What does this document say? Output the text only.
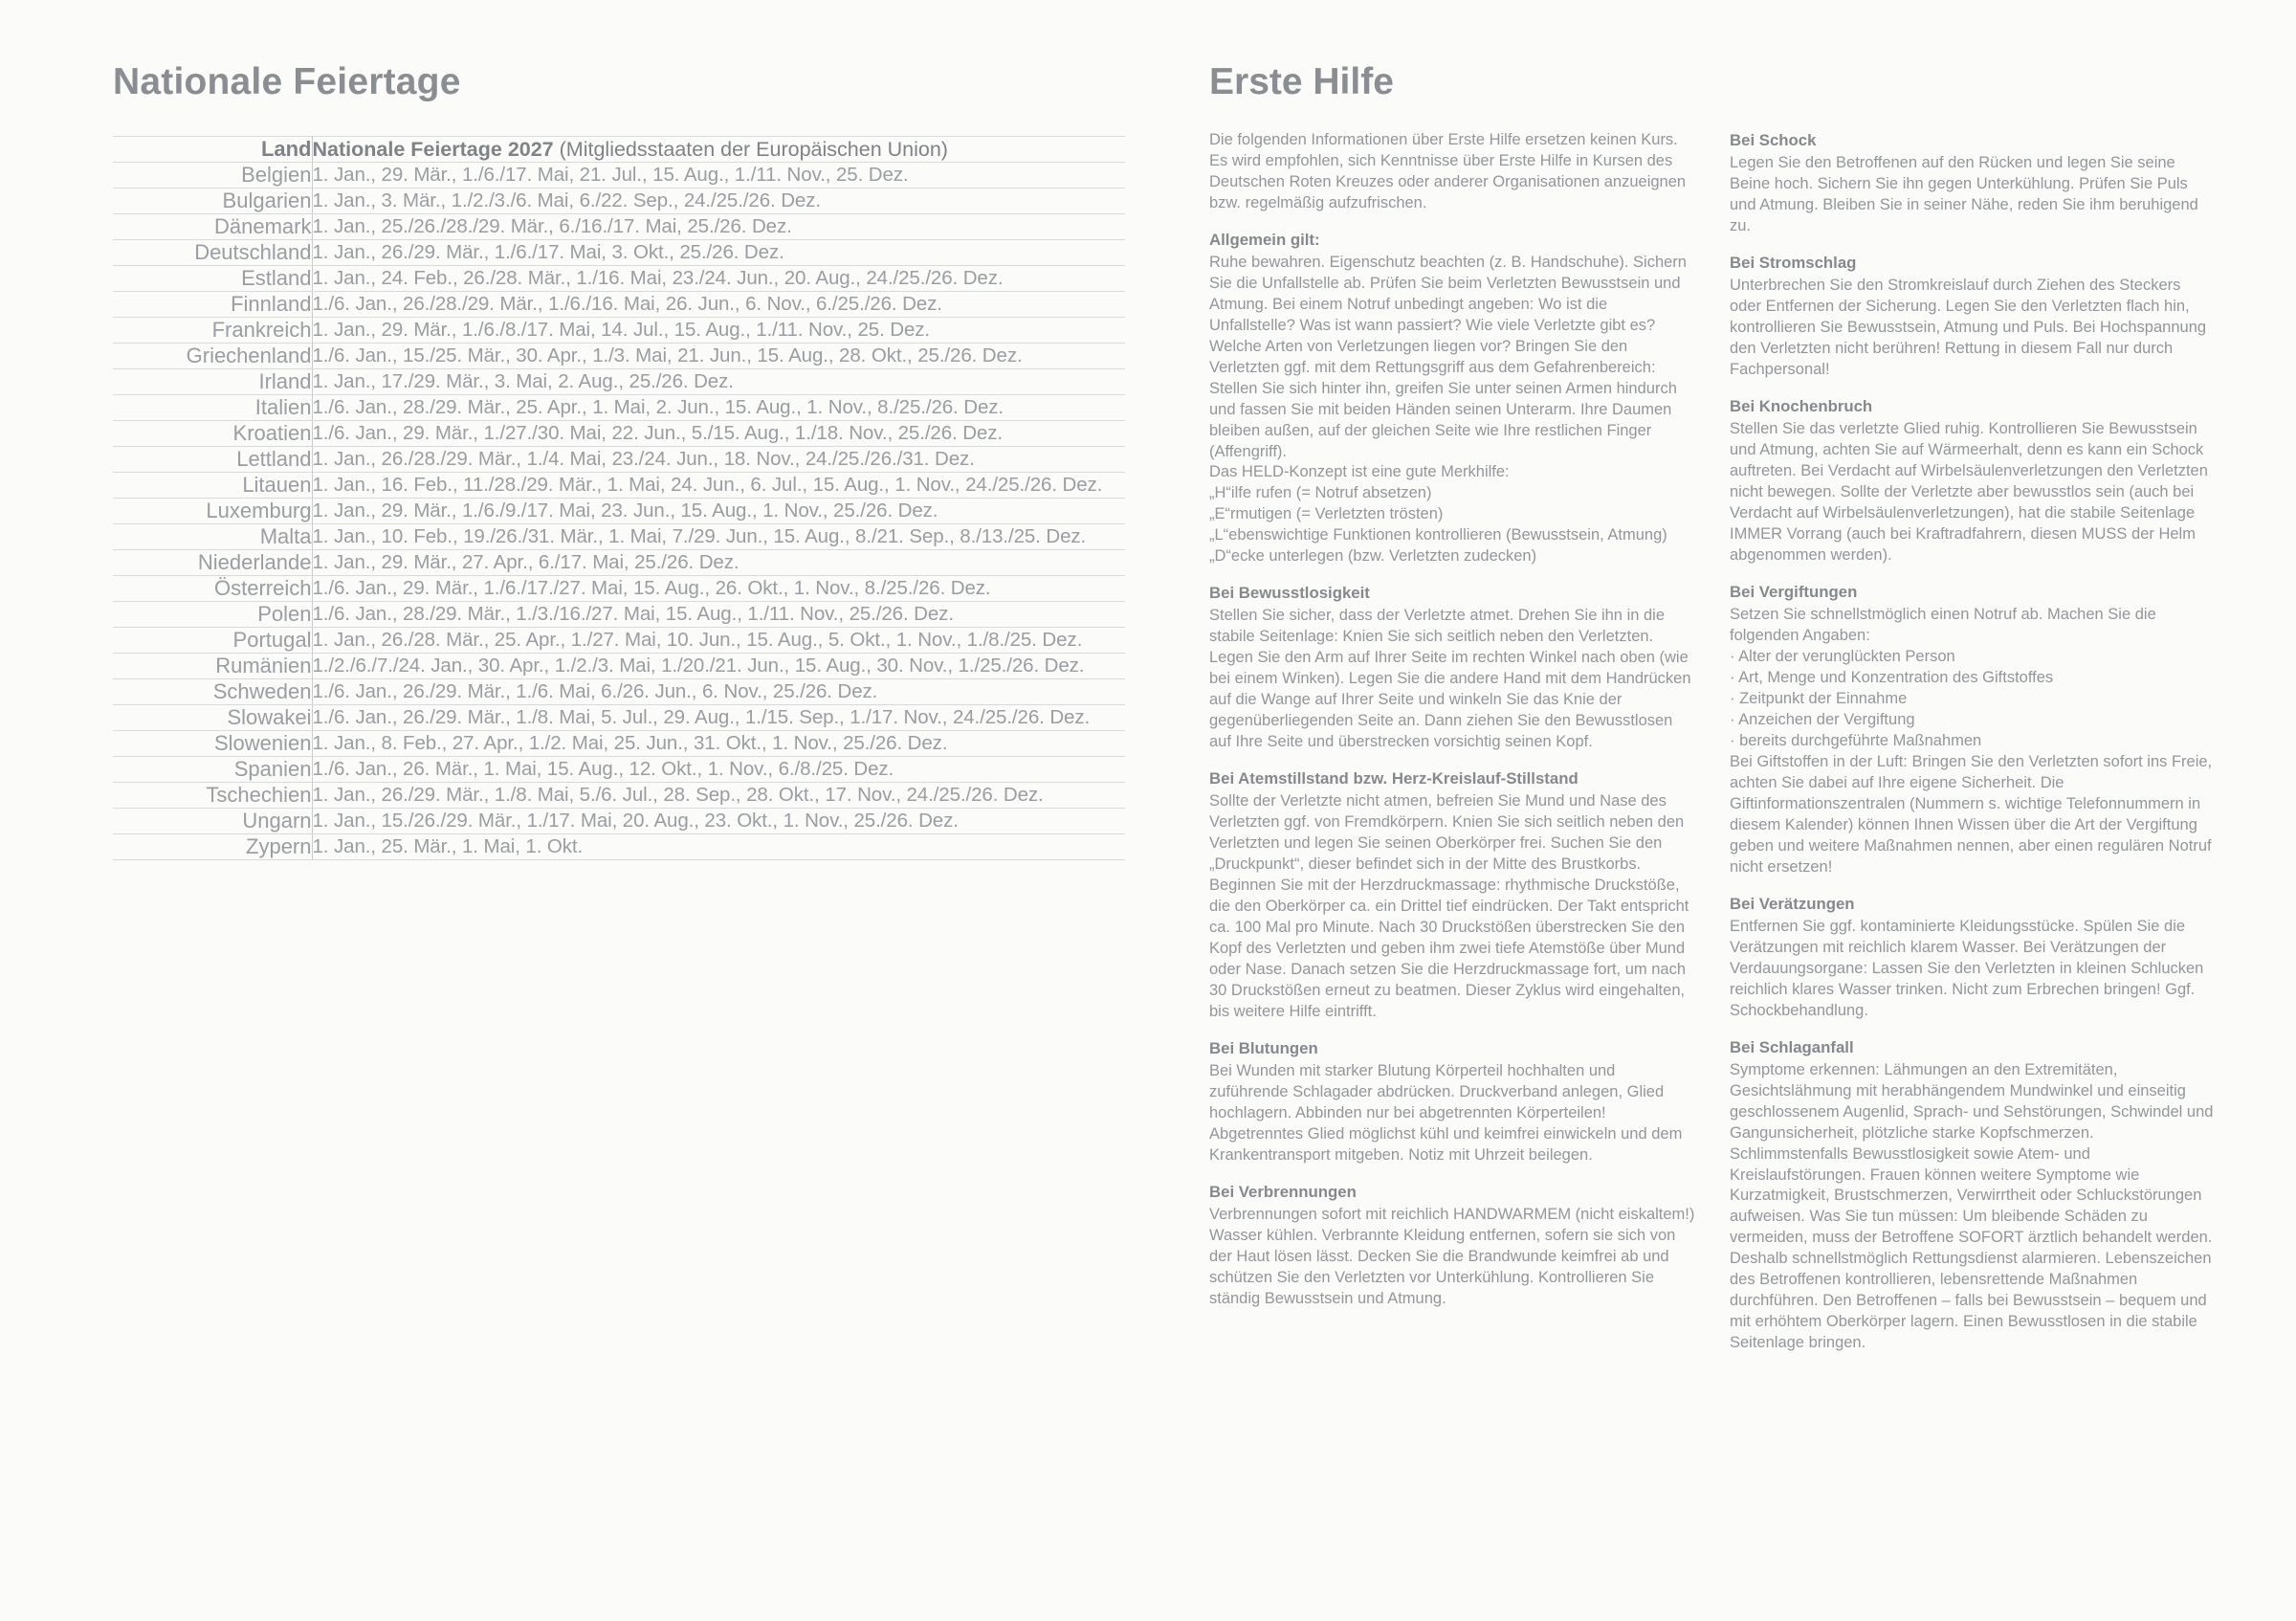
Nationale Feiertage
Land	Nationale Feiertage 2027 (Mitgliedsstaaten der Europäischen Union)
Belgien	1. Jan., 29. Mär., 1./6./17. Mai, 21. Jul., 15. Aug., 1./11. Nov., 25. Dez.
Bulgarien	1. Jan., 3. Mär., 1./2./3./6. Mai, 6./22. Sep., 24./25./26. Dez.
Dänemark	1. Jan., 25./26./28./29. Mär., 6./16./17. Mai, 25./26. Dez.
Deutschland	1. Jan., 26./29. Mär., 1./6./17. Mai, 3. Okt., 25./26. Dez.
Estland	1. Jan., 24. Feb., 26./28. Mär., 1./16. Mai, 23./24. Jun., 20. Aug., 24./25./26. Dez.
Finnland	1./6. Jan., 26./28./29. Mär., 1./6./16. Mai, 26. Jun., 6. Nov., 6./25./26. Dez.
Frankreich	1. Jan., 29. Mär., 1./6./8./17. Mai, 14. Jul., 15. Aug., 1./11. Nov., 25. Dez.
Griechenland	1./6. Jan., 15./25. Mär., 30. Apr., 1./3. Mai, 21. Jun., 15. Aug., 28. Okt., 25./26. Dez.
Irland	1. Jan., 17./29. Mär., 3. Mai, 2. Aug., 25./26. Dez.
Italien	1./6. Jan., 28./29. Mär., 25. Apr., 1. Mai, 2. Jun., 15. Aug., 1. Nov., 8./25./26. Dez.
Kroatien	1./6. Jan., 29. Mär., 1./27./30. Mai, 22. Jun., 5./15. Aug., 1./18. Nov., 25./26. Dez.
Lettland	1. Jan., 26./28./29. Mär., 1./4. Mai, 23./24. Jun., 18. Nov., 24./25./26./31. Dez.
Litauen	1. Jan., 16. Feb., 11./28./29. Mär., 1. Mai, 24. Jun., 6. Jul., 15. Aug., 1. Nov., 24./25./26. Dez.
Luxemburg	1. Jan., 29. Mär., 1./6./9./17. Mai, 23. Jun., 15. Aug., 1. Nov., 25./26. Dez.
Malta	1. Jan., 10. Feb., 19./26./31. Mär., 1. Mai, 7./29. Jun., 15. Aug., 8./21. Sep., 8./13./25. Dez.
Niederlande	1. Jan., 29. Mär., 27. Apr., 6./17. Mai, 25./26. Dez.
Österreich	1./6. Jan., 29. Mär., 1./6./17./27. Mai, 15. Aug., 26. Okt., 1. Nov., 8./25./26. Dez.
Polen	1./6. Jan., 28./29. Mär., 1./3./16./27. Mai, 15. Aug., 1./11. Nov., 25./26. Dez.
Portugal	1. Jan., 26./28. Mär., 25. Apr., 1./27. Mai, 10. Jun., 15. Aug., 5. Okt., 1. Nov., 1./8./25. Dez.
Rumänien	1./2./6./7./24. Jan., 30. Apr., 1./2./3. Mai, 1./20./21. Jun., 15. Aug., 30. Nov., 1./25./26. Dez.
Schweden	1./6. Jan., 26./29. Mär., 1./6. Mai, 6./26. Jun., 6. Nov., 25./26. Dez.
Slowakei	1./6. Jan., 26./29. Mär., 1./8. Mai, 5. Jul., 29. Aug., 1./15. Sep., 1./17. Nov., 24./25./26. Dez.
Slowenien	1. Jan., 8. Feb., 27. Apr., 1./2. Mai, 25. Jun., 31. Okt., 1. Nov., 25./26. Dez.
Spanien	1./6. Jan., 26. Mär., 1. Mai, 15. Aug., 12. Okt., 1. Nov., 6./8./25. Dez.
Tschechien	1. Jan., 26./29. Mär., 1./8. Mai, 5./6. Jul., 28. Sep., 28. Okt., 17. Nov., 24./25./26. Dez.
Ungarn	1. Jan., 15./26./29. Mär., 1./17. Mai, 20. Aug., 23. Okt., 1. Nov., 25./26. Dez.
Zypern	1. Jan., 25. Mär., 1. Mai, 1. Okt.
Erste Hilfe

Die folgenden Informationen über Erste Hilfe ersetzen keinen Kurs. Es wird empfohlen, sich Kenntnisse über Erste Hilfe in Kursen des Deutschen Roten Kreuzes oder anderer Organisationen anzueignen bzw. regelmäßig aufzufrischen.

Allgemein gilt:

Ruhe bewahren. Eigenschutz beachten (z. B. Handschuhe). Sichern Sie die Unfallstelle ab. Prüfen Sie beim Verletzten Bewusstsein und Atmung. Bei einem Notruf unbedingt angeben: Wo ist die Unfallstelle? Was ist wann passiert? Wie viele Verletzte gibt es? Welche Arten von Verletzungen liegen vor? Bringen Sie den Verletzten ggf. mit dem Rettungsgriff aus dem Gefahrenbereich: Stellen Sie sich hinter ihn, greifen Sie unter seinen Armen hindurch und fassen Sie mit beiden Händen seinen Unterarm. Ihre Daumen bleiben außen, auf der gleichen Seite wie Ihre restlichen Finger (Affengriff).

Das HELD-Konzept ist eine gute Merkhilfe:

„H“ilfe rufen (= Notruf absetzen)

„E“rmutigen (= Verletzten trösten)

„L“ebenswichtige Funktionen kontrollieren (Bewusstsein, Atmung)

„D“ecke unterlegen (bzw. Verletzten zudecken)

Bei Bewusstlosigkeit

Stellen Sie sicher, dass der Verletzte atmet. Drehen Sie ihn in die stabile Seitenlage: Knien Sie sich seitlich neben den Verletzten. Legen Sie den Arm auf Ihrer Seite im rechten Winkel nach oben (wie bei einem Winken). Legen Sie die andere Hand mit dem Handrücken auf die Wange auf Ihrer Seite und winkeln Sie das Knie der gegenüberliegenden Seite an. Dann ziehen Sie den Bewusstlosen auf Ihre Seite und überstrecken vorsichtig seinen Kopf.

Bei Atemstillstand bzw. Herz-Kreislauf-Stillstand

Sollte der Verletzte nicht atmen, befreien Sie Mund und Nase des Verletzten ggf. von Fremdkörpern. Knien Sie sich seitlich neben den Verletzten und legen Sie seinen Oberkörper frei. Suchen Sie den „Druckpunkt“, dieser befindet sich in der Mitte des Brustkorbs. Beginnen Sie mit der Herzdruckmassage: rhythmische Druckstöße, die den Oberkörper ca. ein Drittel tief eindrücken. Der Takt entspricht ca. 100 Mal pro Minute. Nach 30 Druckstößen überstrecken Sie den Kopf des Verletzten und geben ihm zwei tiefe Atemstöße über Mund oder Nase. Danach setzen Sie die Herzdruckmassage fort, um nach 30 Druckstößen erneut zu beatmen. Dieser Zyklus wird eingehalten, bis weitere Hilfe eintrifft.

Bei Blutungen

Bei Wunden mit starker Blutung Körperteil hochhalten und zuführende Schlagader abdrücken. Druckverband anlegen, Glied hochlagern. Abbinden nur bei abgetrennten Körperteilen! Abgetrenntes Glied möglichst kühl und keimfrei einwickeln und dem Krankentransport mitgeben. Notiz mit Uhrzeit beilegen.

Bei Verbrennungen

Verbrennungen sofort mit reichlich HANDWARMEM (nicht eiskaltem!) Wasser kühlen. Verbrannte Kleidung entfernen, sofern sie sich von der Haut lösen lässt. Decken Sie die Brandwunde keimfrei ab und schützen Sie den Verletzten vor Unterkühlung. Kontrollieren Sie ständig Bewusstsein und Atmung.

Bei Schock

Legen Sie den Betroffenen auf den Rücken und legen Sie seine Beine hoch. Sichern Sie ihn gegen Unterkühlung. Prüfen Sie Puls und Atmung. Bleiben Sie in seiner Nähe, reden Sie ihm beruhigend zu.

Bei Stromschlag

Unterbrechen Sie den Stromkreislauf durch Ziehen des Steckers oder Entfernen der Sicherung. Legen Sie den Verletzten flach hin, kontrollieren Sie Bewusstsein, Atmung und Puls. Bei Hochspannung den Verletzten nicht berühren! Rettung in diesem Fall nur durch Fachpersonal!

Bei Knochenbruch

Stellen Sie das verletzte Glied ruhig. Kontrollieren Sie Bewusstsein und Atmung, achten Sie auf Wärmeerhalt, denn es kann ein Schock auftreten. Bei Verdacht auf Wirbelsäulenverletzungen den Verletzten nicht bewegen. Sollte der Verletzte aber bewusstlos sein (auch bei Verdacht auf Wirbelsäulenverletzungen), hat die stabile Seitenlage IMMER Vorrang (auch bei Kraftradfahrern, diesen MUSS der Helm abgenommen werden).

Bei Vergiftungen

Setzen Sie schnellstmöglich einen Notruf ab. Machen Sie die folgenden Angaben:

· Alter der verunglückten Person

· Art, Menge und Konzentration des Giftstoffes

· Zeitpunkt der Einnahme

· Anzeichen der Vergiftung

· bereits durchgeführte Maßnahmen

Bei Giftstoffen in der Luft: Bringen Sie den Verletzten sofort ins Freie, achten Sie dabei auf Ihre eigene Sicherheit. Die Giftinformationszentralen (Nummern s. wichtige Telefonnummern in diesem Kalender) können Ihnen Wissen über die Art der Vergiftung geben und weitere Maßnahmen nennen, aber einen regulären Notruf nicht ersetzen!

Bei Verätzungen

Entfernen Sie ggf. kontaminierte Kleidungsstücke. Spülen Sie die Verätzungen mit reichlich klarem Wasser. Bei Verätzungen der Verdauungsorgane: Lassen Sie den Verletzten in kleinen Schlucken reichlich klares Wasser trinken. Nicht zum Erbrechen bringen! Ggf. Schockbehandlung.

Bei Schlaganfall

Symptome erkennen: Lähmungen an den Extremitäten, Gesichtslähmung mit herabhängendem Mundwinkel und einseitig geschlossenem Augenlid, Sprach- und Sehstörungen, Schwindel und Gangunsicherheit, plötzliche starke Kopfschmerzen. Schlimmstenfalls Bewusstlosigkeit sowie Atem- und Kreislaufstörungen. Frauen können weitere Symptome wie Kurzatmigkeit, Brustschmerzen, Verwirrtheit oder Schluckstörungen aufweisen. Was Sie tun müssen: Um bleibende Schäden zu vermeiden, muss der Betroffene SOFORT ärztlich behandelt werden. Deshalb schnellstmöglich Rettungsdienst alarmieren. Lebenszeichen des Betroffenen kontrollieren, lebensrettende Maßnahmen durchführen. Den Betroffenen – falls bei Bewusstsein – bequem und mit erhöhtem Oberkörper lagern. Einen Bewusstlosen in die stabile Seitenlage bringen.
